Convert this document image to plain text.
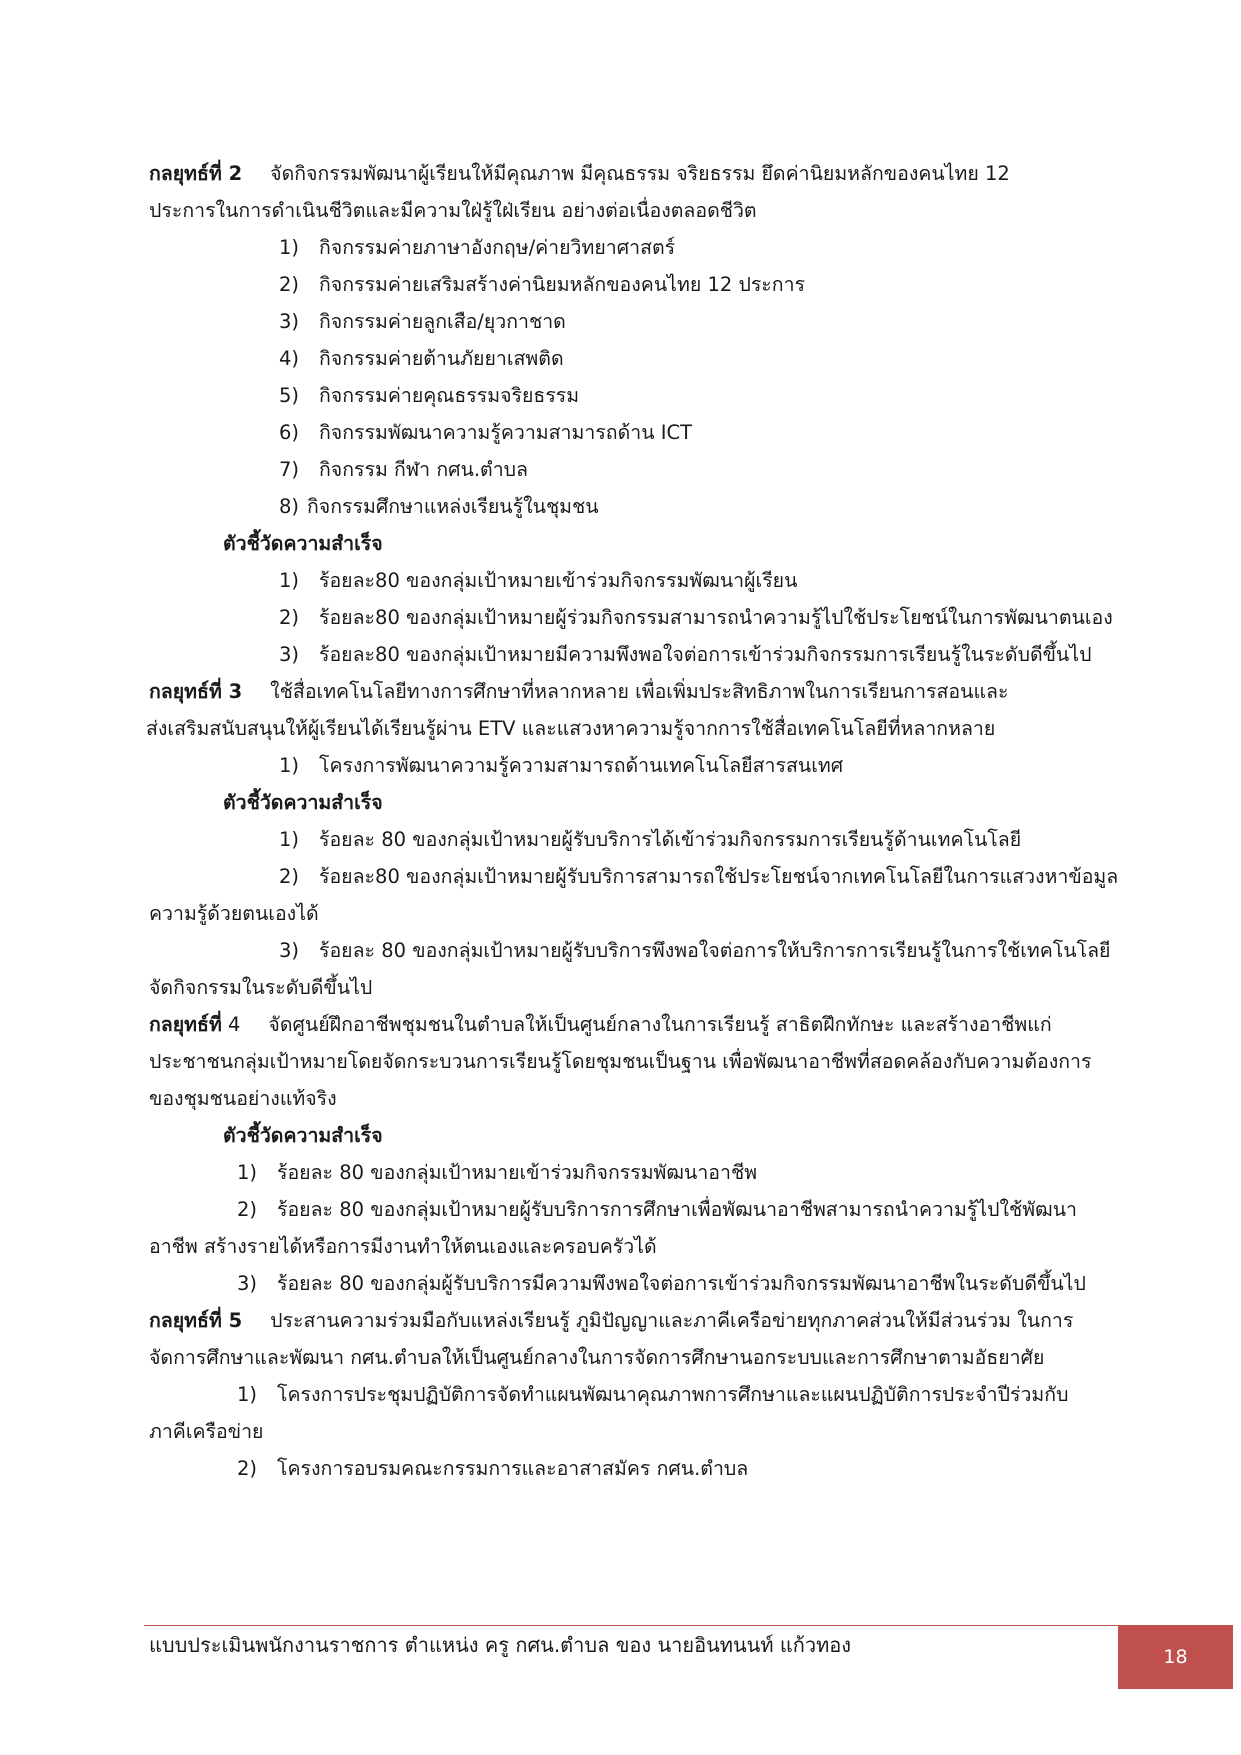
กลยุทธ์ที่ 2 จัดกิจกรรมพัฒนาผู้เรียนให้มีคุณภาพ มีคุณธรรม จริยธรรม ยึดค่านิยมหลักของคนไทย 12
ประการในการดำเนินชีวิตและมีความใฝ่รู้ใฝ่เรียน อย่างต่อเนื่องตลอดชีวิต
1) กิจกรรมค่ายภาษาอังกฤษ/ค่ายวิทยาศาสตร์
2) กิจกรรมค่ายเสริมสร้างค่านิยมหลักของคนไทย 12 ประการ
3) กิจกรรมค่ายลูกเสือ/ยุวกาชาด
4) กิจกรรมค่ายต้านภัยยาเสพติด
5) กิจกรรมค่ายคุณธรรมจริยธรรม
6) กิจกรรมพัฒนาความรู้ความสามารถด้าน ICT
7) กิจกรรม กีฬา กศน.ตำบล
8) กิจกรรมศึกษาแหล่งเรียนรู้ในชุมชน
ตัวชี้วัดความสำเร็จ
1) ร้อยละ80 ของกลุ่มเป้าหมายเข้าร่วมกิจกรรมพัฒนาผู้เรียน
2) ร้อยละ80 ของกลุ่มเป้าหมายผู้ร่วมกิจกรรมสามารถนำความรู้ไปใช้ประโยชน์ในการพัฒนาตนเอง
3) ร้อยละ80 ของกลุ่มเป้าหมายมีความพึงพอใจต่อการเข้าร่วมกิจกรรมการเรียนรู้ในระดับดีขึ้นไป
กลยุทธ์ที่ 3 ใช้สื่อเทคโนโลยีทางการศึกษาที่หลากหลาย เพื่อเพิ่มประสิทธิภาพในการเรียนการสอนและ
ส่งเสริมสนับสนุนให้ผู้เรียนได้เรียนรู้ผ่าน ETV และแสวงหาความรู้จากการใช้สื่อเทคโนโลยีที่หลากหลาย
1) โครงการพัฒนาความรู้ความสามารถด้านเทคโนโลยีสารสนเทศ
ตัวชี้วัดความสำเร็จ
1) ร้อยละ 80 ของกลุ่มเป้าหมายผู้รับบริการได้เข้าร่วมกิจกรรมการเรียนรู้ด้านเทคโนโลยี
2) ร้อยละ80 ของกลุ่มเป้าหมายผู้รับบริการสามารถใช้ประโยชน์จากเทคโนโลยีในการแสวงหาข้อมูล
ความรู้ด้วยตนเองได้
3) ร้อยละ 80 ของกลุ่มเป้าหมายผู้รับบริการพึงพอใจต่อการให้บริการการเรียนรู้ในการใช้เทคโนโลยี
จัดกิจกรรมในระดับดีขึ้นไป
กลยุทธ์ที่ 4 จัดศูนย์ฝึกอาชีพชุมชนในตำบลให้เป็นศูนย์กลางในการเรียนรู้ สาธิตฝึกทักษะ และสร้างอาชีพแก่
ประชาชนกลุ่มเป้าหมายโดยจัดกระบวนการเรียนรู้โดยชุมชนเป็นฐาน เพื่อพัฒนาอาชีพที่สอดคล้องกับความต้องการ
ของชุมชนอย่างแท้จริง
ตัวชี้วัดความสำเร็จ
1) ร้อยละ 80 ของกลุ่มเป้าหมายเข้าร่วมกิจกรรมพัฒนาอาชีพ
2) ร้อยละ 80 ของกลุ่มเป้าหมายผู้รับบริการการศึกษาเพื่อพัฒนาอาชีพสามารถนำความรู้ไปใช้พัฒนา
อาชีพ สร้างรายได้หรือการมีงานทำให้ตนเองและครอบครัวได้
3) ร้อยละ 80 ของกลุ่มผู้รับบริการมีความพึงพอใจต่อการเข้าร่วมกิจกรรมพัฒนาอาชีพในระดับดีขึ้นไป
กลยุทธ์ที่ 5 ประสานความร่วมมือกับแหล่งเรียนรู้ ภูมิปัญญาและภาคีเครือข่ายทุกภาคส่วนให้มีส่วนร่วม ในการ
จัดการศึกษาและพัฒนา กศน.ตำบลให้เป็นศูนย์กลางในการจัดการศึกษานอกระบบและการศึกษาตามอัธยาศัย
1) โครงการประชุมปฏิบัติการจัดทำแผนพัฒนาคุณภาพการศึกษาและแผนปฏิบัติการประจำปีร่วมกับ
ภาคีเครือข่าย
2) โครงการอบรมคณะกรรมการและอาสาสมัคร กศน.ตำบล
แบบประเมินพนักงานราชการ ตำแหน่ง ครู กศน.ตำบล ของ นายอินทนนท์ แก้วทอง	18
